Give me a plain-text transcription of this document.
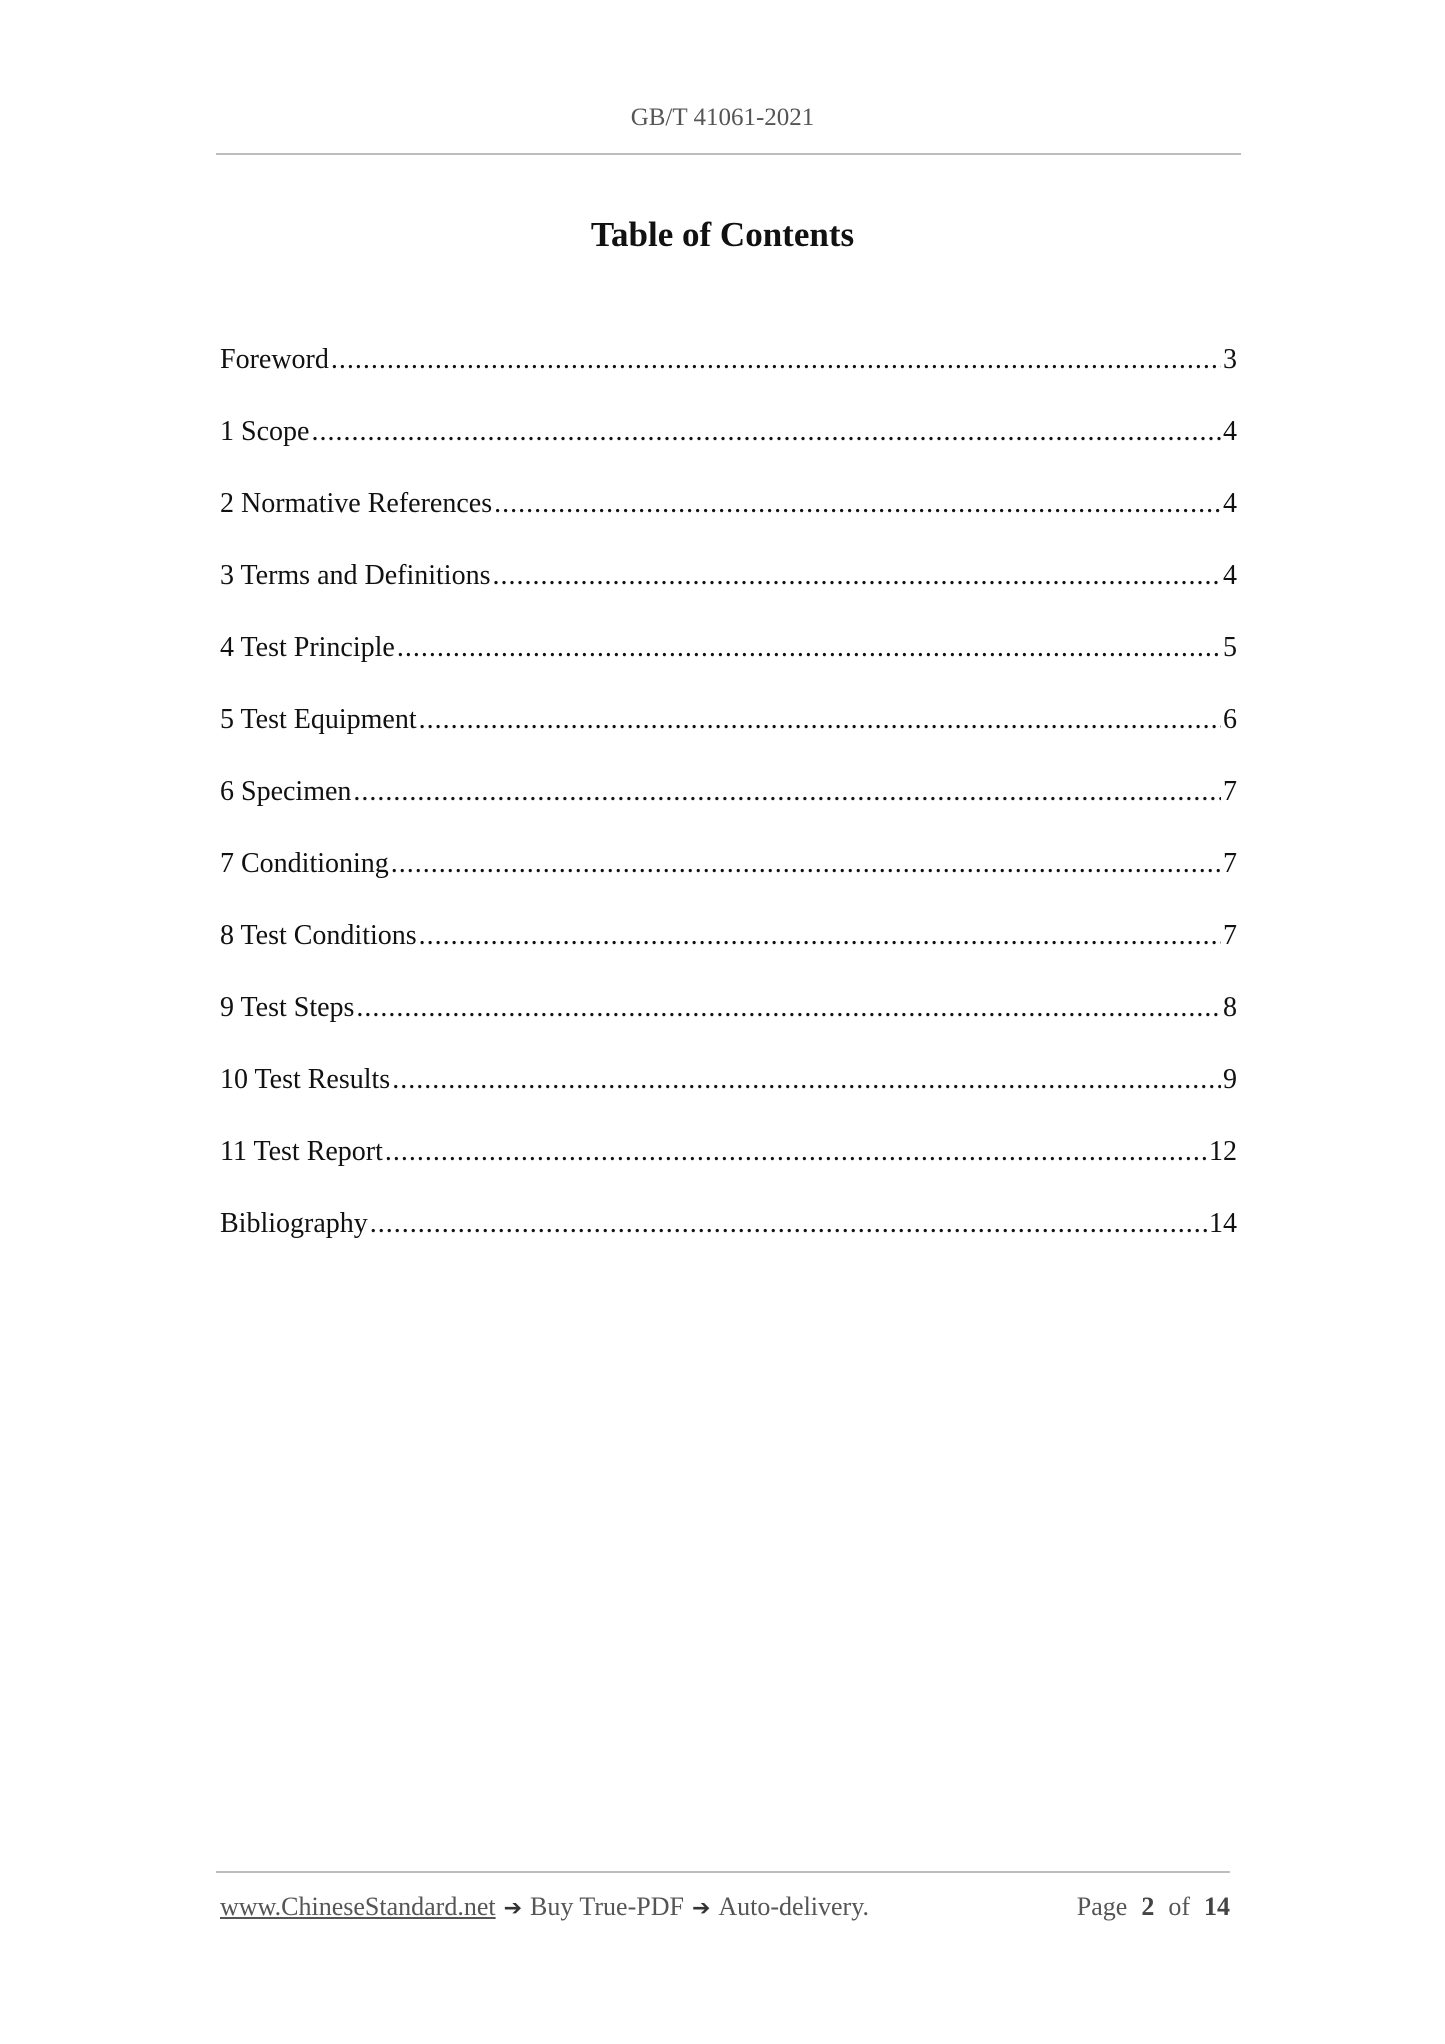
GB/T 41061-2021
Table of Contents
Foreword .....	3
1 Scope .....	4
2 Normative References .....	4
3 Terms and Definitions .....	4
4 Test Principle .....	5
5 Test Equipment .....	6
6 Specimen .....	7
7 Conditioning .....	7
8 Test Conditions .....	7
9 Test Steps .....	8
10 Test Results .....	9
11 Test Report .....	12
Bibliography .....	14
www.ChineseStandard.net ➔ Buy True-PDF ➔ Auto-delivery.	Page 2 of 14
